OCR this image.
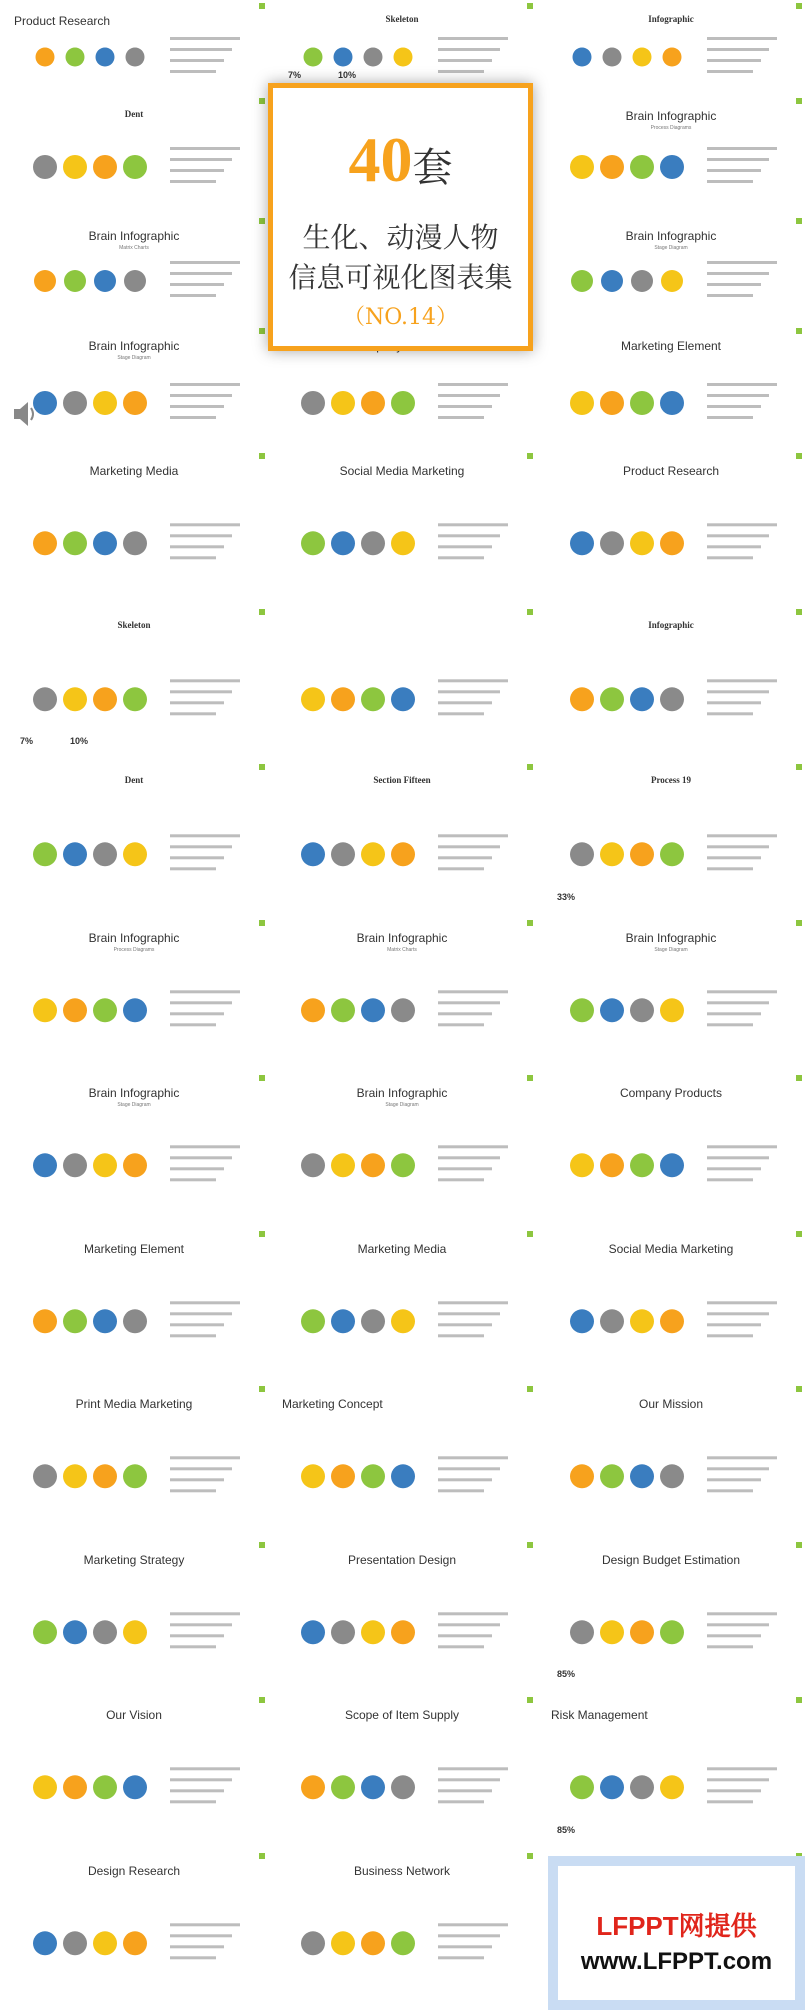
Product Research	Skeleton
7%	10%
Infographic
Dent	Brain Infographic
Process Diagrams
Brain Infographic
Matrix Charts
Brain Infographic
Stage Diagram
Brain Infographic
Stage Diagram
Marketing Element
Marketing Media	Social Media Marketing	Product Research
Skeleton
7%	10%
Infographic
Dent	Section Fifteen	Process 19
33%
Brain Infographic
Process Diagrams
Brain Infographic
Matrix Charts
Brain Infographic
Stage Diagram
Brain Infographic
Stage Diagram
Brain Infographic
Stage Diagram
Company Products
Marketing Element	Marketing Media	Social Media Marketing
Print Media Marketing	Marketing Concept	Our Mission
Marketing Strategy	Presentation Design	Design Budget Estimation
85%
Our Vision	Scope of Item Supply	Risk Management
85%
Design Research	Business Network
40套
生化、动漫人物
信息可视化图表集
（NO.14）
LFPPT网提供
www.LFPPT.com
